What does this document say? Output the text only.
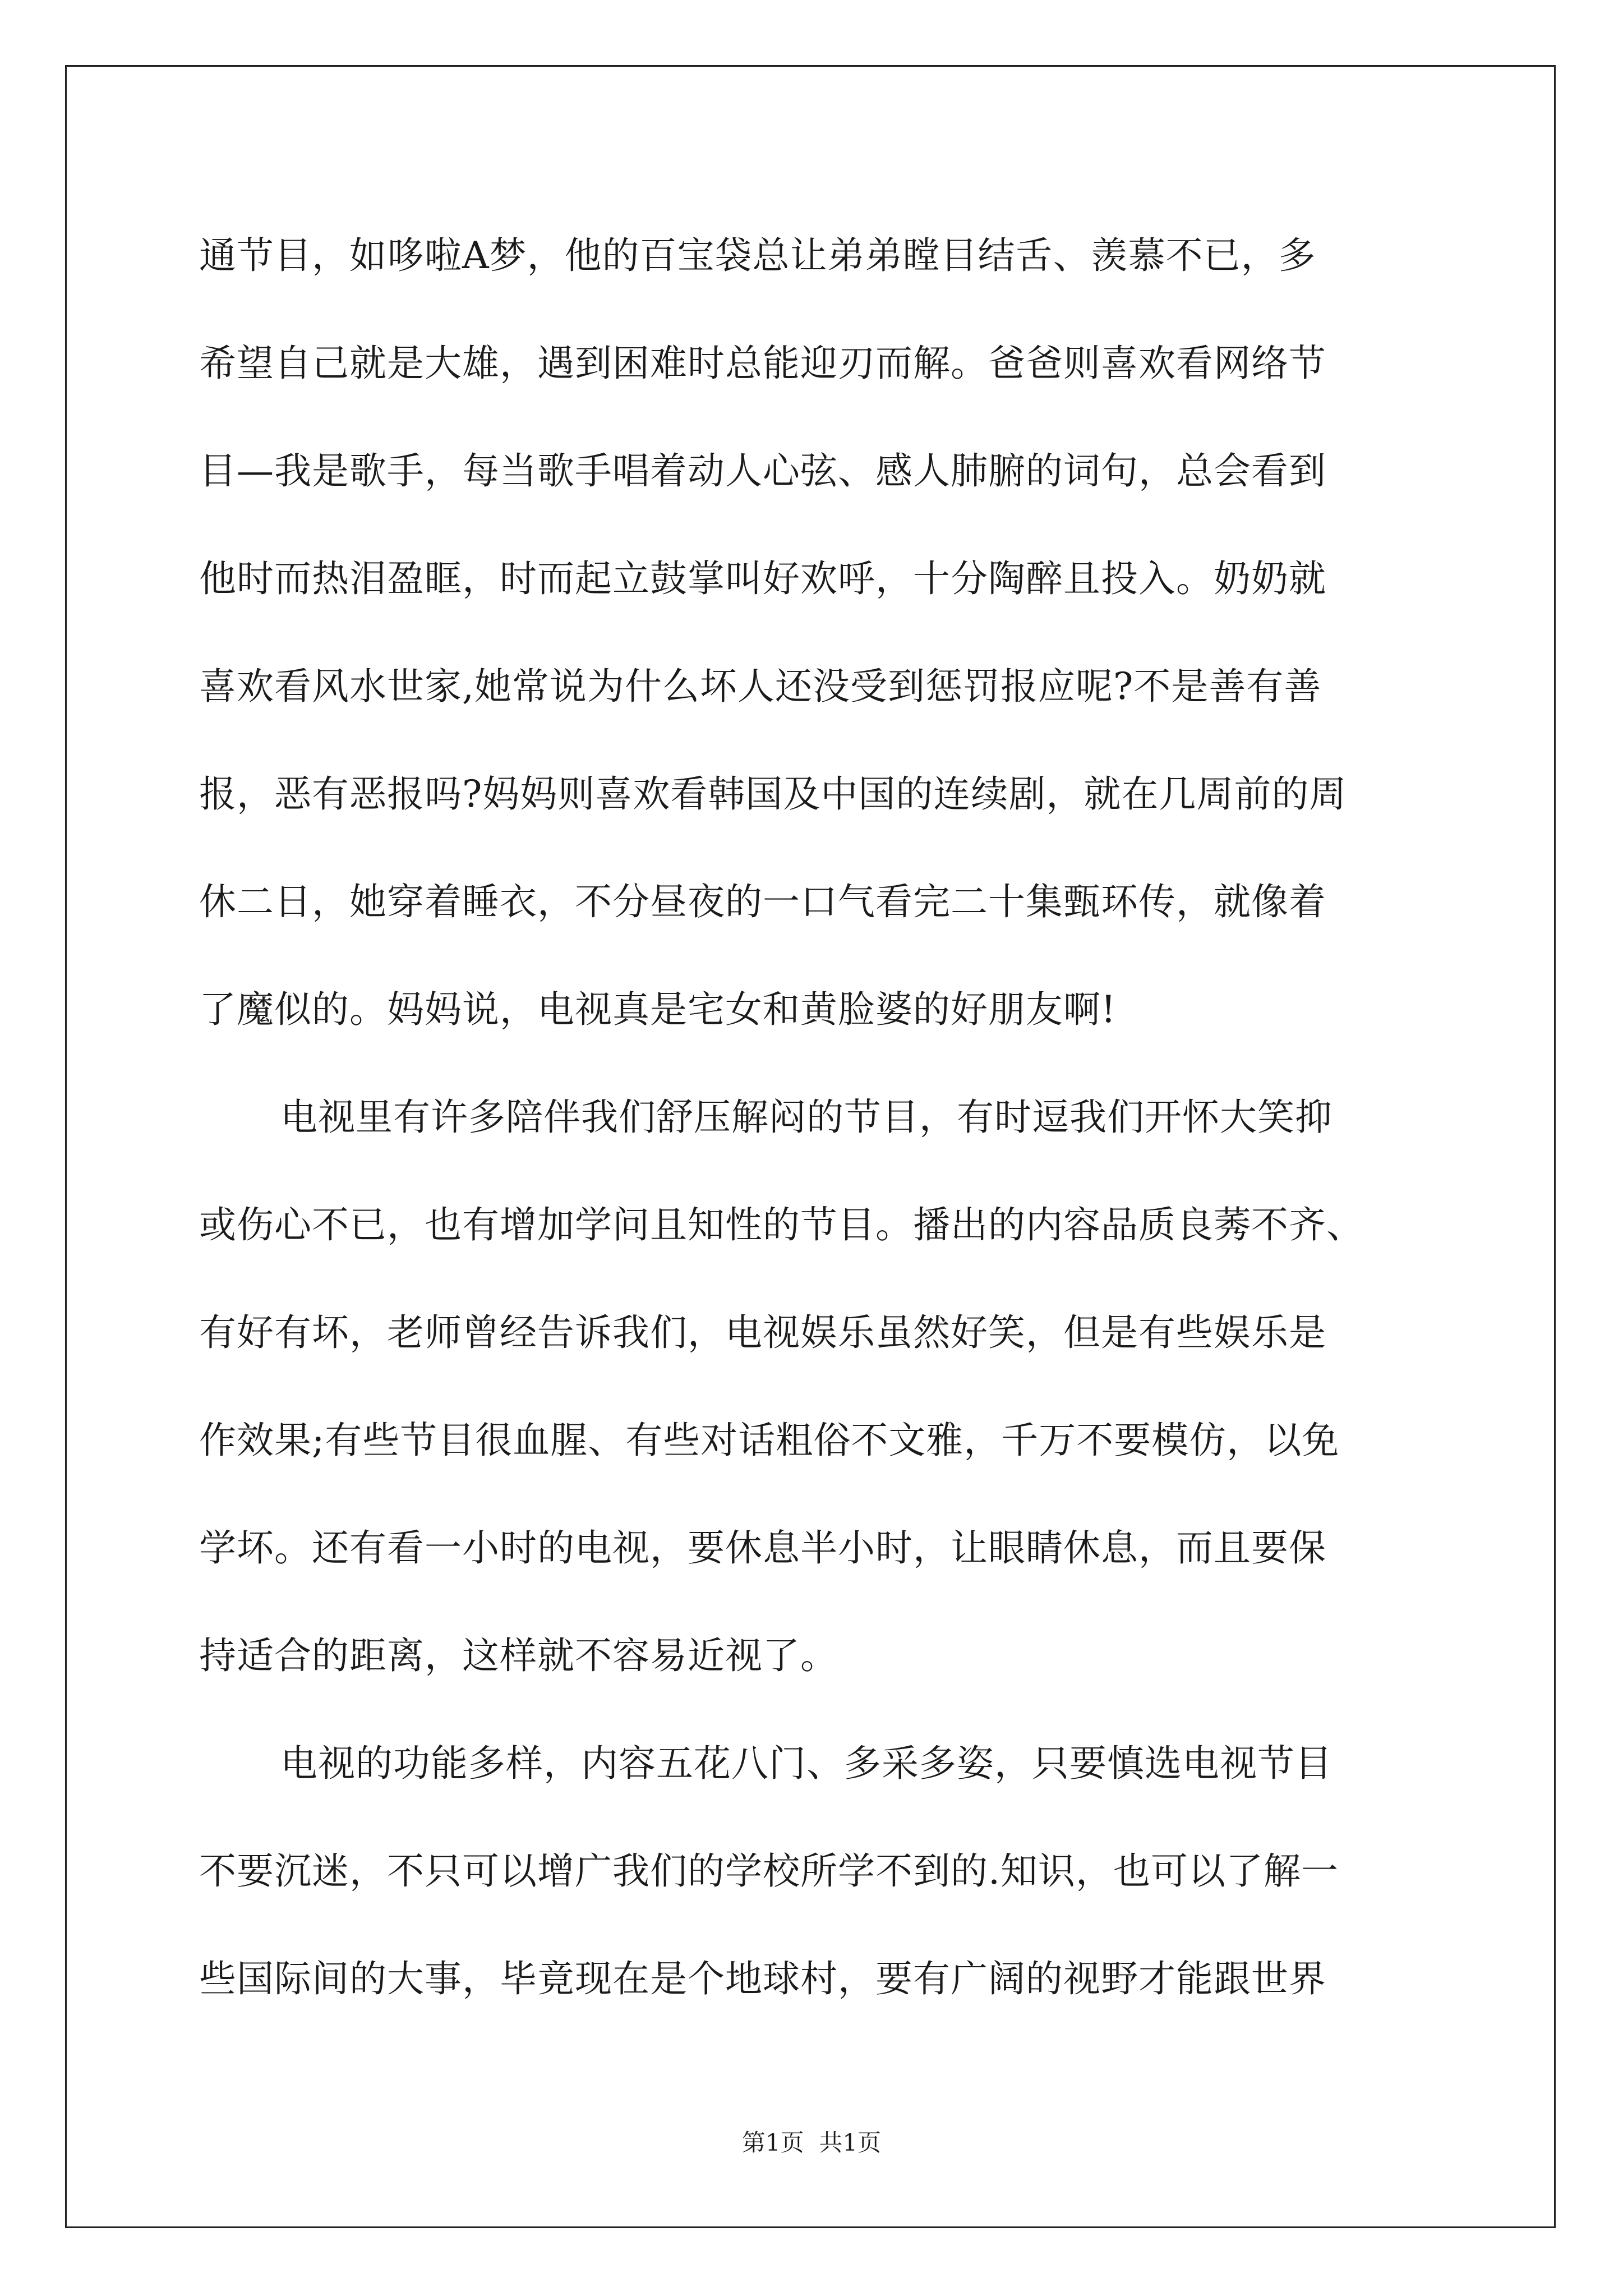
通节目，如哆啦A梦，他的百宝袋总让弟弟瞠目结舌、羡慕不已，多
希望自己就是大雄，遇到困难时总能迎刃而解。爸爸则喜欢看网络节
目—我是歌手，每当歌手唱着动人心弦、感人肺腑的词句，总会看到
他时而热泪盈眶，时而起立鼓掌叫好欢呼，十分陶醉且投入。奶奶就
喜欢看风水世家,她常说为什么坏人还没受到惩罚报应呢?不是善有善
报，恶有恶报吗?妈妈则喜欢看韩国及中国的连续剧，就在几周前的周
休二日，她穿着睡衣，不分昼夜的一口气看完二十集甄环传，就像着
了魔似的。妈妈说，电视真是宅女和黄脸婆的好朋友啊!
电视里有许多陪伴我们舒压解闷的节目，有时逗我们开怀大笑抑
或伤心不已，也有增加学问且知性的节目。播出的内容品质良莠不齐、
有好有坏，老师曾经告诉我们，电视娱乐虽然好笑，但是有些娱乐是
作效果;有些节目很血腥、有些对话粗俗不文雅，千万不要模仿，以免
学坏。还有看一小时的电视，要休息半小时，让眼睛休息，而且要保
持适合的距离，这样就不容易近视了。
电视的功能多样，内容五花八门、多采多姿，只要慎选电视节目
不要沉迷，不只可以增广我们的学校所学不到的.知识，也可以了解一
些国际间的大事，毕竟现在是个地球村，要有广阔的视野才能跟世界
第1页  共1页
